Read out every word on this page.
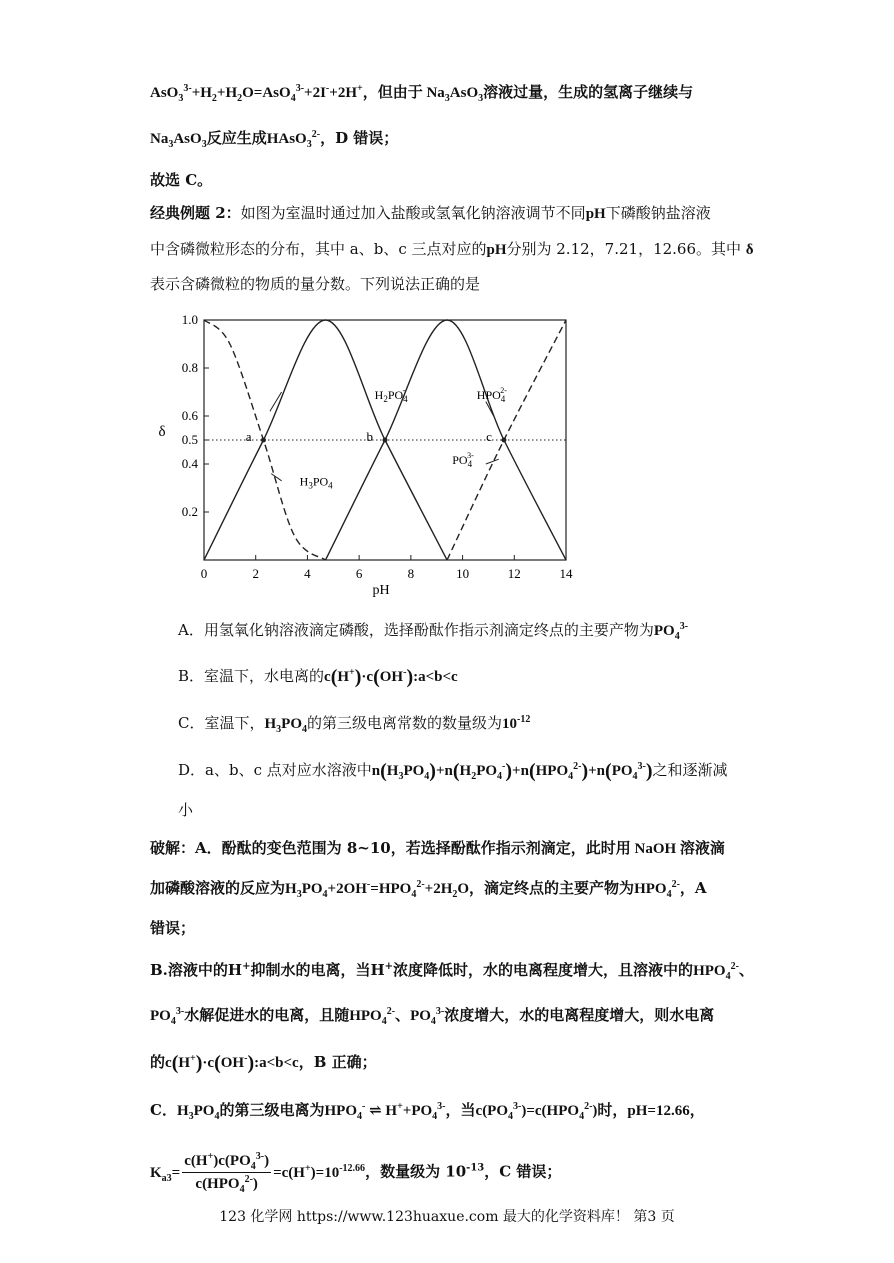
$AsO_3^{3-}+H_2+H_2O=AsO_4^{3-}+2I^-+2H^+$，但由于 $Na_3AsO_3$溶液过量，生成的氢离子继续与
$Na_3AsO_3$反应生成HAsO$_3^{2-}$，D 错误；
故选 C。
经典例题 2：如图为室温时通过加入盐酸或氢氧化钠溶液调节不同pH下磷酸钠盐溶液
中含磷微粒形态的分布，其中 a、b、c 三点对应的pH分别为 2.12，7.21，12.66。其中 δ
表示含磷微粒的物质的量分数。下列说法正确的是
0	2	4	6	8	10	12	14
1.0
0.8
0.6
0.5
0.4
0.2
pH
δ	a	b	c
$H_2PO_4-$	$HPO_42-$
$H_3PO_4$
$PO_43-$
A．用氢氧化钠溶液滴定磷酸，选择酚酞作指示剂滴定终点的主要产物为$PO_4^{3-}$
B．室温下，水电离的c(H+)·c(OH-):a<b<c
C．室温下，$H_3PO_4$的第三级电离常数的数量级为$10^{-12}$
D．a、b、c 点对应水溶液中$n(H_3PO_4)+n(H_2PO_4^-)+n(HPO_4^{2-})+n(PO_4^{3-})$之和逐渐减
小
破解：A．酚酞的变色范围为 8~10，若选择酚酞作指示剂滴定，此时用 NaOH 溶液滴
加磷酸溶液的反应为$H_3PO_4+2OH^-=HPO_4^{2-}+2H_2O$，滴定终点的主要产物为$HPO_4^{2-}$，A
错误；
B.溶液中的H+抑制水的电离，当H+浓度降低时，水的电离程度增大，且溶液中的$HPO_4^{2-}$、
$PO_4^{3-}$水解促进水的电离，且随$HPO_4^{2-}$、$PO_4^{3-}$浓度增大，水的电离程度增大，则水电离
的c(H+)·c(OH-):a<b<c，B 正确；
C．$H_3PO_4$的第三级电离为$HPO_4^-$ ⇌ $H^++PO_4^{3-}$，当$c(PO_4^{3-})=c(HPO_4^{2-})$时，pH=12.66，
$K_{a3}= \frac{c(H^+)c(PO_4^{3-})}{c(HPO_4^{2-})} =c(H^+)=10^{-12.66}$，数量级为 $10^{-13}$，C 错误；
123 化学网 https://www.123huaxue.com 最大的化学资料库！ 第3 页
